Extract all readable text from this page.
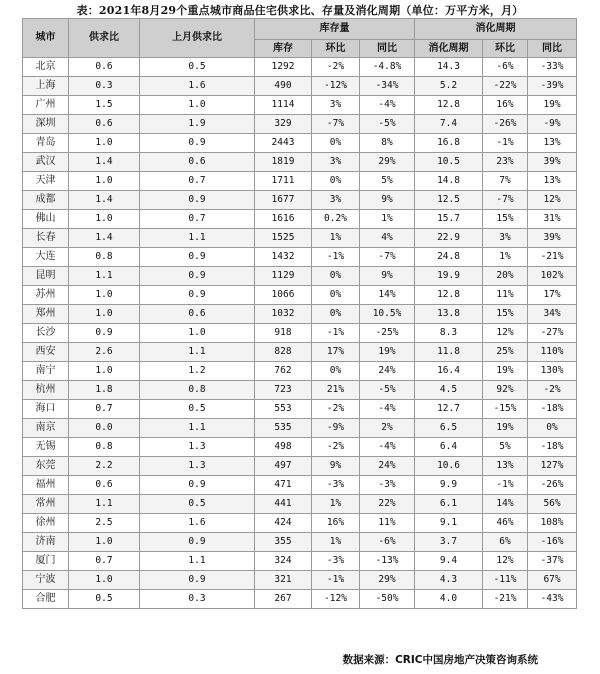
表：2021年8月29个重点城市商品住宅供求比、存量及消化周期（单位：万平方米，月）
城市	供求比	上月供求比	库存量			消化周期		
			库存	环比	同比	消化周期	环比	同比
北京	0.6	0.5	1292	-2%	-4.8%	14.3	-6%	-33%
上海	0.3	1.6	490	-12%	-34%	5.2	-22%	-39%
广州	1.5	1.0	1114	3%	-4%	12.8	16%	19%
深圳	0.6	1.9	329	-7%	-5%	7.4	-26%	-9%
青岛	1.0	0.9	2443	0%	8%	16.8	-1%	13%
武汉	1.4	0.6	1819	3%	29%	10.5	23%	39%
天津	1.0	0.7	1711	0%	5%	14.8	7%	13%
成都	1.4	0.9	1677	3%	9%	12.5	-7%	12%
佛山	1.0	0.7	1616	0.2%	1%	15.7	15%	31%
长春	1.4	1.1	1525	1%	4%	22.9	3%	39%
大连	0.8	0.9	1432	-1%	-7%	24.8	1%	-21%
昆明	1.1	0.9	1129	0%	9%	19.9	20%	102%
苏州	1.0	0.9	1066	0%	14%	12.8	11%	17%
郑州	1.0	0.6	1032	0%	10.5%	13.8	15%	34%
长沙	0.9	1.0	918	-1%	-25%	8.3	12%	-27%
西安	2.6	1.1	828	17%	19%	11.8	25%	110%
南宁	1.0	1.2	762	0%	24%	16.4	19%	130%
杭州	1.8	0.8	723	21%	-5%	4.5	92%	-2%
海口	0.7	0.5	553	-2%	-4%	12.7	-15%	-18%
南京	0.0	1.1	535	-9%	2%	6.5	19%	0%
无锡	0.8	1.3	498	-2%	-4%	6.4	5%	-18%
东莞	2.2	1.3	497	9%	24%	10.6	13%	127%
福州	0.6	0.9	471	-3%	-3%	9.9	-1%	-26%
常州	1.1	0.5	441	1%	22%	6.1	14%	56%
徐州	2.5	1.6	424	16%	11%	9.1	46%	108%
济南	1.0	0.9	355	1%	-6%	3.7	6%	-16%
厦门	0.7	1.1	324	-3%	-13%	9.4	12%	-37%
宁波	1.0	0.9	321	-1%	29%	4.3	-11%	67%
合肥	0.5	0.3	267	-12%	-50%	4.0	-21%	-43%
数据来源：CRIC中国房地产决策咨询系统
